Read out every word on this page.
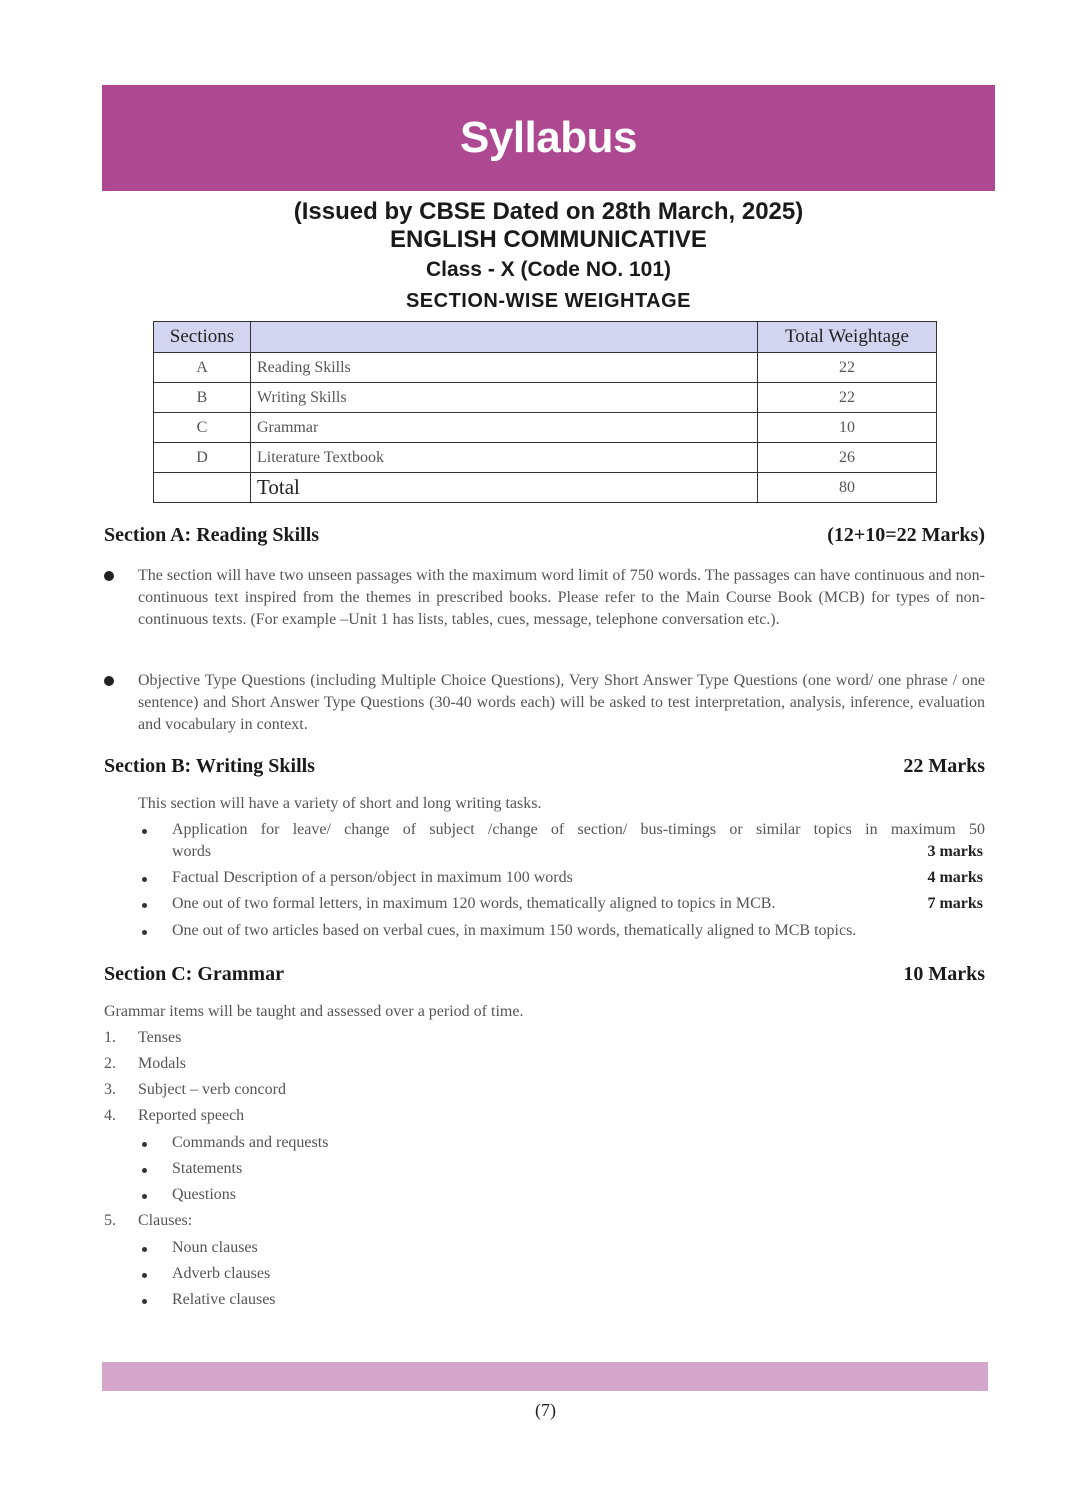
Syllabus
(Issued by CBSE Dated on 28th March, 2025)
ENGLISH COMMUNICATIVE
Class - X (Code NO. 101)
SECTION-WISE WEIGHTAGE
Sections		Total Weightage
A	Reading Skills	22
B	Writing Skills	22
C	Grammar	10
D	Literature Textbook	26
	Total	80
Section A: Reading Skills	(12+10=22 Marks)
The section will have two unseen passages with the maximum word limit of 750 words. The passages can have continuous and non-continuous text inspired from the themes in prescribed books. Please refer to the Main Course Book (MCB) for types of non-continuous texts. (For example –Unit 1 has lists, tables, cues, message, telephone conversation etc.).
Objective Type Questions (including Multiple Choice Questions), Very Short Answer Type Questions (one word/ one phrase / one sentence) and Short Answer Type Questions (30-40 words each) will be asked to test interpretation, analysis, inference, evaluation and vocabulary in context.
Section B: Writing Skills	22 Marks
This section will have a variety of short and long writing tasks.
Application for leave/ change of subject /change of section/ bus-timings or similar topics in maximum 50
words	3 marks
Factual Description of a person/object in maximum 100 words	4 marks
One out of two formal letters, in maximum 120 words, thematically aligned to topics in MCB.	7 marks
One out of two articles based on verbal cues, in maximum 150 words, thematically aligned to MCB topics.
Section C: Grammar	10 Marks
Grammar items will be taught and assessed over a period of time.
1. Tenses
2. Modals
3. Subject – verb concord
4. Reported speech
Commands and requests
Statements
Questions
5. Clauses:
Noun clauses
Adverb clauses
Relative clauses
(7)
